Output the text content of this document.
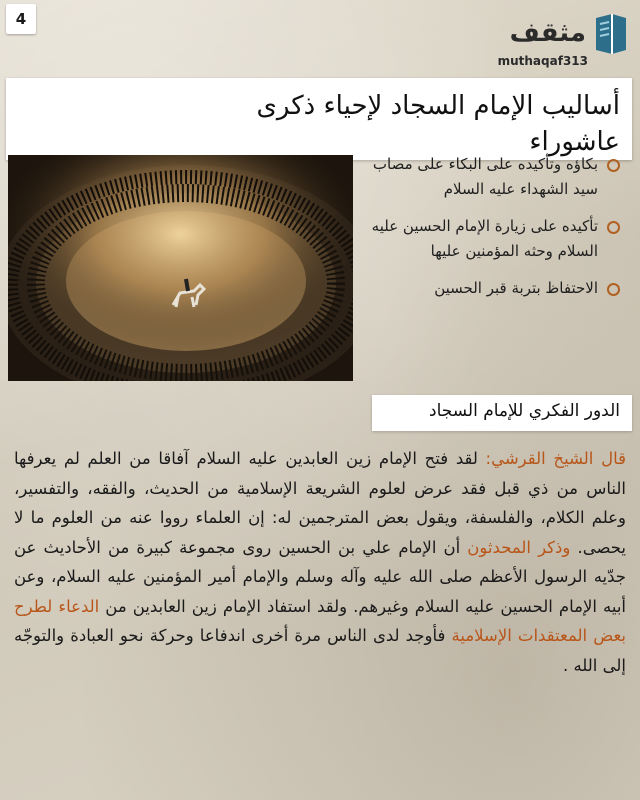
4	مثقف
muthaqaf313
أساليب الإمام السجاد لإحياء ذكرى عاشوراء
بكاؤه وتأكيده على البكاء على مصاب سيد الشهداء عليه السلام
تأكيده على زيارة الإمام الحسين عليه السلام وحثه المؤمنين عليها
الاحتفاظ بتربة قبر الحسين
الدور الفكري للإمام السجاد
قال الشيخ القرشي: لقد فتح الإمام زين العابدين عليه السلام آفاقا من العلم لم يعرفها الناس من ذي قبل فقد عرض لعلوم الشريعة الإسلامية من الحديث، والفقه، والتفسير، وعلم الكلام، والفلسفة، ويقول بعض المترجمين له: إن العلماء رووا عنه من العلوم ما لا يحصى. وذكر المحدثون أن الإمام علي بن الحسين روى مجموعة كبيرة من الأحاديث عن جدّيه الرسول الأعظم صلى الله عليه وآله وسلم والإمام أمير المؤمنين عليه السلام، وعن أبيه الإمام الحسين عليه السلام وغيرهم. ولقد استفاد الإمام زين العابدين من الدعاء لطرح بعض المعتقدات الإسلامية فأوجد لدى الناس مرة أخرى اندفاعا وحركة نحو العبادة والتوجّه إلى الله .
